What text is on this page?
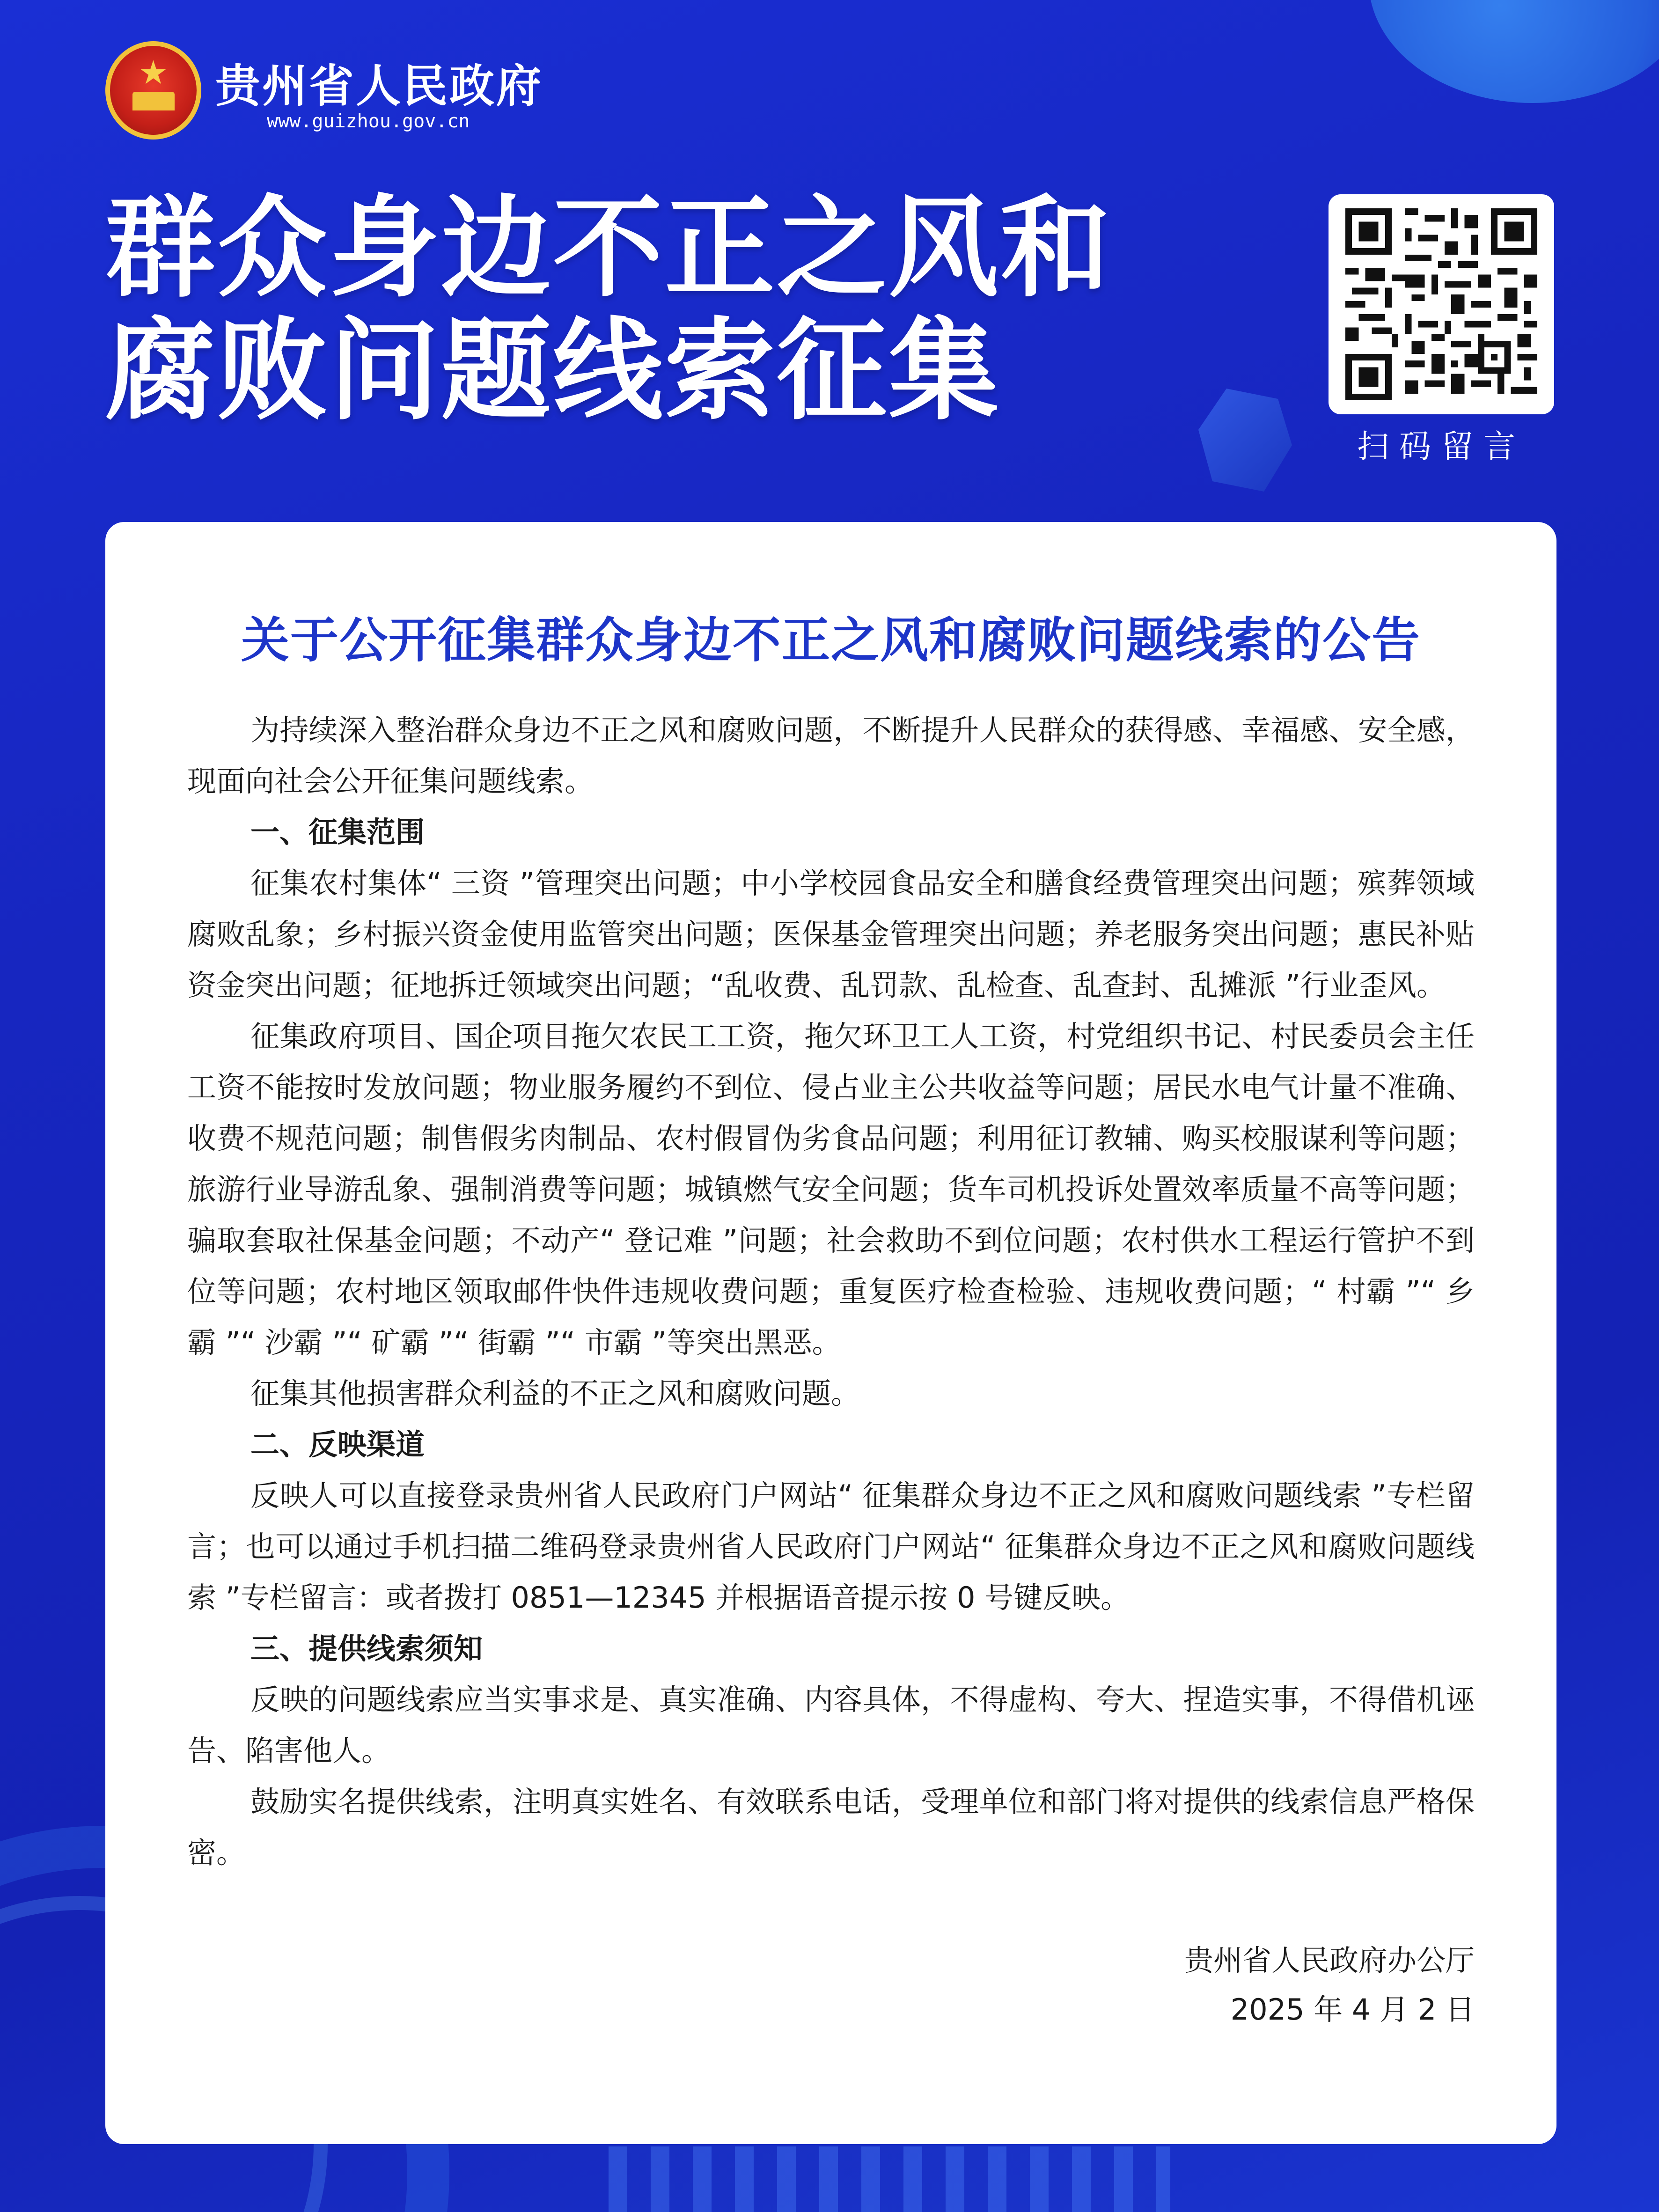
★ 贵州省人民政府
www.guizhou.gov.cn
群众身边不正之风和
腐败问题线索征集
扫码留言
关于公开征集群众身边不正之风和腐败问题线索的公告

为持续深入整治群众身边不正之风和腐败问题，不断提升人民群众的获得感、幸福感、安全感，现面向社会公开征集问题线索。

一、征集范围

征集农村集体“ 三资 ”管理突出问题；中小学校园食品安全和膳食经费管理突出问题；殡葬领域腐败乱象；乡村振兴资金使用监管突出问题；医保基金管理突出问题；养老服务突出问题；惠民补贴资金突出问题；征地拆迁领域突出问题；“乱收费、乱罚款、乱检查、乱查封、乱摊派 ”行业歪风。

征集政府项目、国企项目拖欠农民工工资，拖欠环卫工人工资，村党组织书记、村民委员会主任工资不能按时发放问题；物业服务履约不到位、侵占业主公共收益等问题；居民水电气计量不准确、收费不规范问题；制售假劣肉制品、农村假冒伪劣食品问题；利用征订教辅、购买校服谋利等问题；旅游行业导游乱象、强制消费等问题；城镇燃气安全问题；货车司机投诉处置效率质量不高等问题；骗取套取社保基金问题；不动产“ 登记难 ”问题；社会救助不到位问题；农村供水工程运行管护不到位等问题；农村地区领取邮件快件违规收费问题；重复医疗检查检验、违规收费问题；“ 村霸 ”“ 乡霸 ”“ 沙霸 ”“ 矿霸 ”“ 街霸 ”“ 市霸 ”等突出黑恶。

征集其他损害群众利益的不正之风和腐败问题。

二、反映渠道

反映人可以直接登录贵州省人民政府门户网站“ 征集群众身边不正之风和腐败问题线索 ”专栏留言；也可以通过手机扫描二维码登录贵州省人民政府门户网站“ 征集群众身边不正之风和腐败问题线索 ”专栏留言：或者拨打 0851—12345 并根据语音提示按 0 号键反映。

三、提供线索须知

反映的问题线索应当实事求是、真实准确、内容具体，不得虚构、夸大、捏造实事，不得借机诬告、陷害他人。

鼓励实名提供线索，注明真实姓名、有效联系电话，受理单位和部门将对提供的线索信息严格保密。

贵州省人民政府办公厅
2025 年 4 月 2 日
